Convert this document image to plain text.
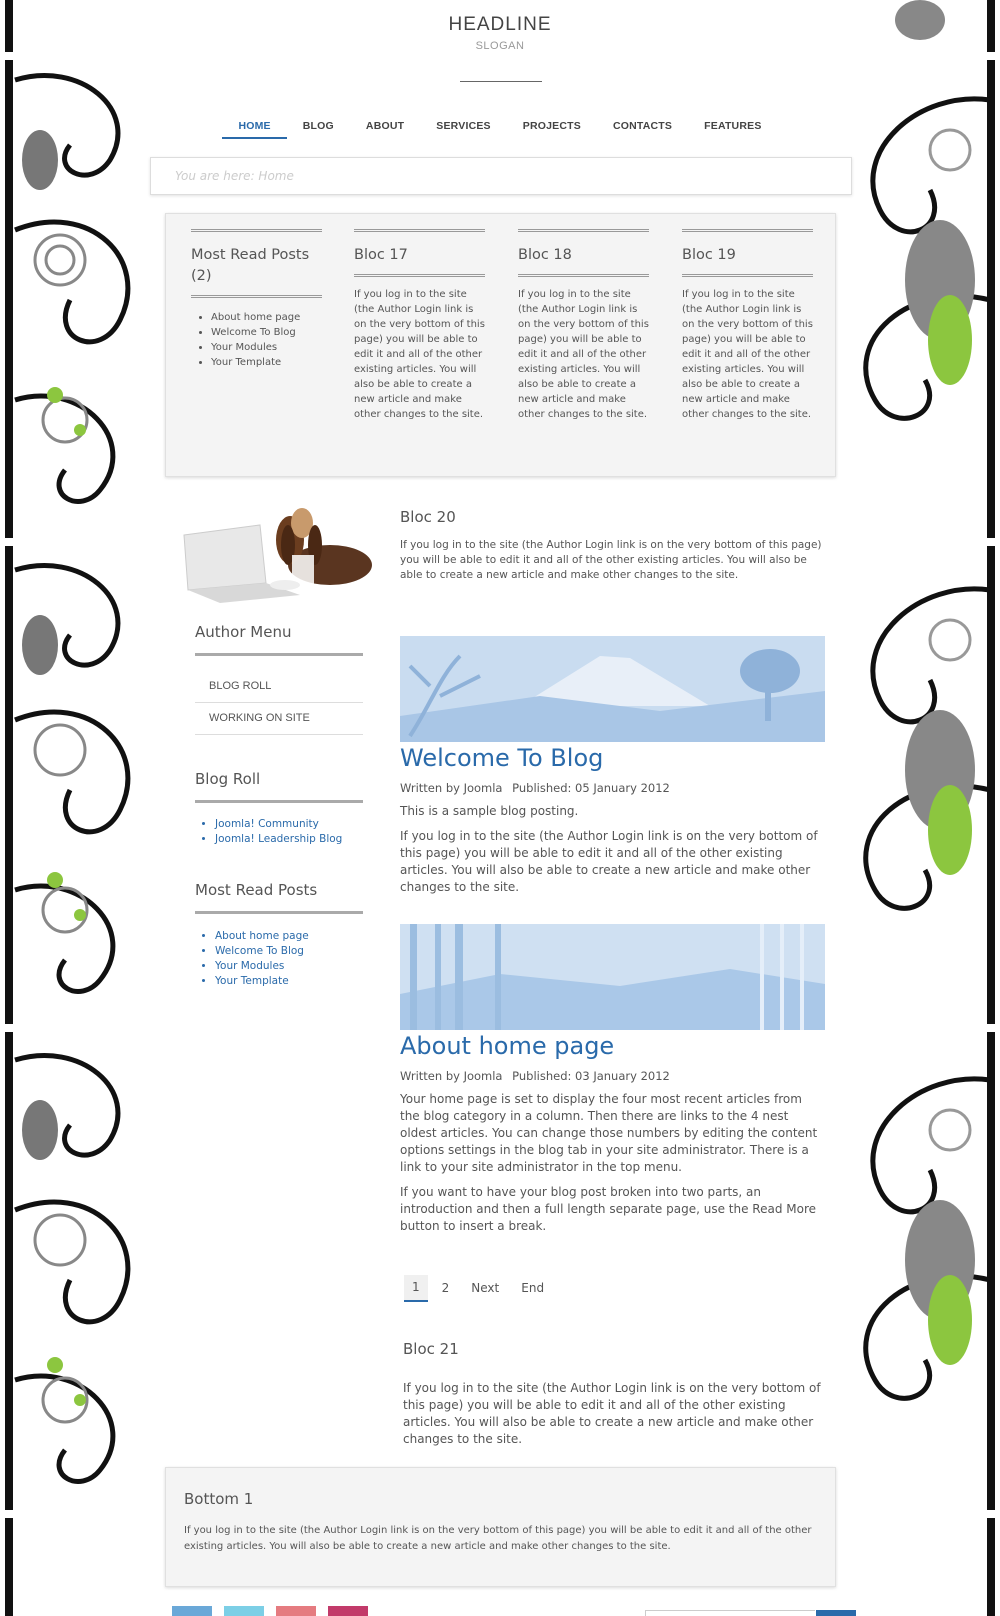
HEADLINE
SLOGAN
HOME	BLOG	ABOUT	SERVICES	PROJECTS	CONTACTS	FEATURES
You are here: Home
Most Read Posts (2)
• About home page
• Welcome To Blog
• Your Modules
• Your Template
Bloc 17

If you log in to the site (the Author Login link is on the very bottom of this page) you will be able to edit it and all of the other existing articles. You will also be able to create a new article and make other changes to the site.

Bloc 18

If you log in to the site (the Author Login link is on the very bottom of this page) you will be able to edit it and all of the other existing articles. You will also be able to create a new article and make other changes to the site.

Bloc 19

If you log in to the site (the Author Login link is on the very bottom of this page) you will be able to edit it and all of the other existing articles. You will also be able to create a new article and make other changes to the site.

Bloc 20

If you log in to the site (the Author Login link is on the very bottom of this page) you will be able to edit it and all of the other existing articles. You will also be able to create a new article and make other changes to the site.

Author Menu
BLOG ROLL
WORKING ON SITE
Blog Roll
• Joomla! Community
• Joomla! Leadership Blog
Most Read Posts
• About home page
• Welcome To Blog
• Your Modules
• Your Template
Welcome To Blog
Written by Joomla Published: 05 January 2012

This is a sample blog posting.

If you log in to the site (the Author Login link is on the very bottom of this page) you will be able to edit it and all of the other existing articles. You will also be able to create a new article and make other changes to the site.

About home page
Written by Joomla Published: 03 January 2012

Your home page is set to display the four most recent articles from the blog category in a column. Then there are links to the 4 nest oldest articles. You can change those numbers by editing the content options settings in the blog tab in your site administrator. There is a link to your site administrator in the top menu.

If you want to have your blog post broken into two parts, an introduction and then a full length separate page, use the Read More button to insert a break.

1	2	Next	End
Bloc 21

If you log in to the site (the Author Login link is on the very bottom of this page) you will be able to edit it and all of the other existing articles. You will also be able to create a new article and make other changes to the site.

Bottom 1

If you log in to the site (the Author Login link is on the very bottom of this page) you will be able to edit it and all of the other existing articles. You will also be able to create a new article and make other changes to the site.
